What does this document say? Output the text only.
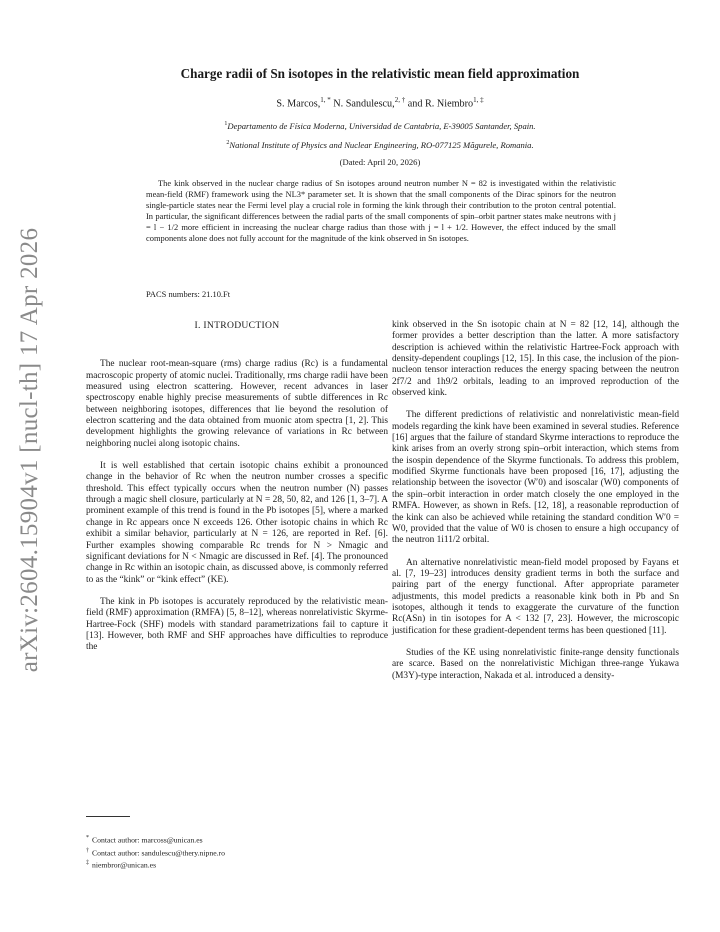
arXiv:2604.15904v1 [nucl-th] 17 Apr 2026
Charge radii of Sn isotopes in the relativistic mean field approximation
S. Marcos,$^{1, *}$ N. Sandulescu,$^{2, \dagger}$ and R. Niembro$^{1, \ddagger}$
$^1$Departamento de Física Moderna, Universidad de Cantabria, E-39005 Santander, Spain.
$^2$National Institute of Physics and Nuclear Engineering, RO-077125 Măgurele, Romania.
(Dated: April 20, 2026)
The kink observed in the nuclear charge radius of Sn isotopes around neutron number N = 82 is investigated within the relativistic mean-field (RMF) framework using the NL3* parameter set. It is shown that the small components of the Dirac spinors for the neutron single-particle states near the Fermi level play a crucial role in forming the kink through their contribution to the proton central potential. In particular, the significant differences between the radial parts of the small components of spin–orbit partner states make neutrons with j = l − 1/2 more efficient in increasing the nuclear charge radius than those with j = l + 1/2. However, the effect induced by the small components alone does not fully account for the magnitude of the kink observed in Sn isotopes.
PACS numbers: 21.10.Ft
I. INTRODUCTION

The nuclear root-mean-square (rms) charge radius (Rc) is a fundamental macroscopic property of atomic nuclei. Traditionally, rms charge radii have been measured using electron scattering. However, recent advances in laser spectroscopy enable highly precise measurements of subtle differences in Rc between neighboring isotopes, differences that lie beyond the resolution of electron scattering and the data obtained from muonic atom spectra [1, 2]. This development highlights the growing relevance of variations in Rc between neighboring nuclei along isotopic chains.

It is well established that certain isotopic chains exhibit a pronounced change in the behavior of Rc when the neutron number crosses a specific threshold. This effect typically occurs when the neutron number (N) passes through a magic shell closure, particularly at N = 28, 50, 82, and 126 [1, 3–7]. A prominent example of this trend is found in the Pb isotopes [5], where a marked change in Rc appears once N exceeds 126. Other isotopic chains in which Rc exhibit a similar behavior, particularly at N = 126, are reported in Ref. [6]. Further examples showing comparable Rc trends for N > Nmagic and significant deviations for N < Nmagic are discussed in Ref. [4]. The pronounced change in Rc within an isotopic chain, as discussed above, is commonly referred to as the “kink” or “kink effect” (KE).

The kink in Pb isotopes is accurately reproduced by the relativistic mean-field (RMF) approximation (RMFA) [5, 8–12], whereas nonrelativistic Skyrme-Hartree-Fock (SHF) models with standard parametrizations fail to capture it [13]. However, both RMF and SHF approaches have difficulties to reproduce the

kink observed in the Sn isotopic chain at N = 82 [12, 14], although the former provides a better description than the latter. A more satisfactory description is achieved within the relativistic Hartree-Fock approach with density-dependent couplings [12, 15]. In this case, the inclusion of the pion-nucleon tensor interaction reduces the energy spacing between the neutron 2f7/2 and 1h9/2 orbitals, leading to an improved reproduction of the observed kink.

The different predictions of relativistic and nonrelativistic mean-field models regarding the kink have been examined in several studies. Reference [16] argues that the failure of standard Skyrme interactions to reproduce the kink arises from an overly strong spin–orbit interaction, which stems from the isospin dependence of the Skyrme functionals. To address this problem, modified Skyrme functionals have been proposed [16, 17], adjusting the relationship between the isovector (W′0) and isoscalar (W0) components of the spin–orbit interaction in order match closely the one employed in the RMFA. However, as shown in Refs. [12, 18], a reasonable reproduction of the kink can also be achieved while retaining the standard condition W′0 = W0, provided that the value of W0 is chosen to ensure a high occupancy of the neutron 1i11/2 orbital.

An alternative nonrelativistic mean-field model proposed by Fayans et al. [7, 19–23] introduces density gradient terms in both the surface and pairing part of the energy functional. After appropriate parameter adjustments, this model predicts a reasonable kink both in Pb and Sn isotopes, although it tends to exaggerate the curvature of the function Rc(ASn) in tin isotopes for A < 132 [7, 23]. However, the microscopic justification for these gradient-dependent terms has been questioned [11].

Studies of the KE using nonrelativistic finite-range density functionals are scarce. Based on the nonrelativistic Michigan three-range Yukawa (M3Y)-type interaction, Nakada et al. introduced a density-

* Contact author: marcoss@unican.es
† Contact author: sandulescu@thery.nipne.ro
‡ niembror@unican.es
